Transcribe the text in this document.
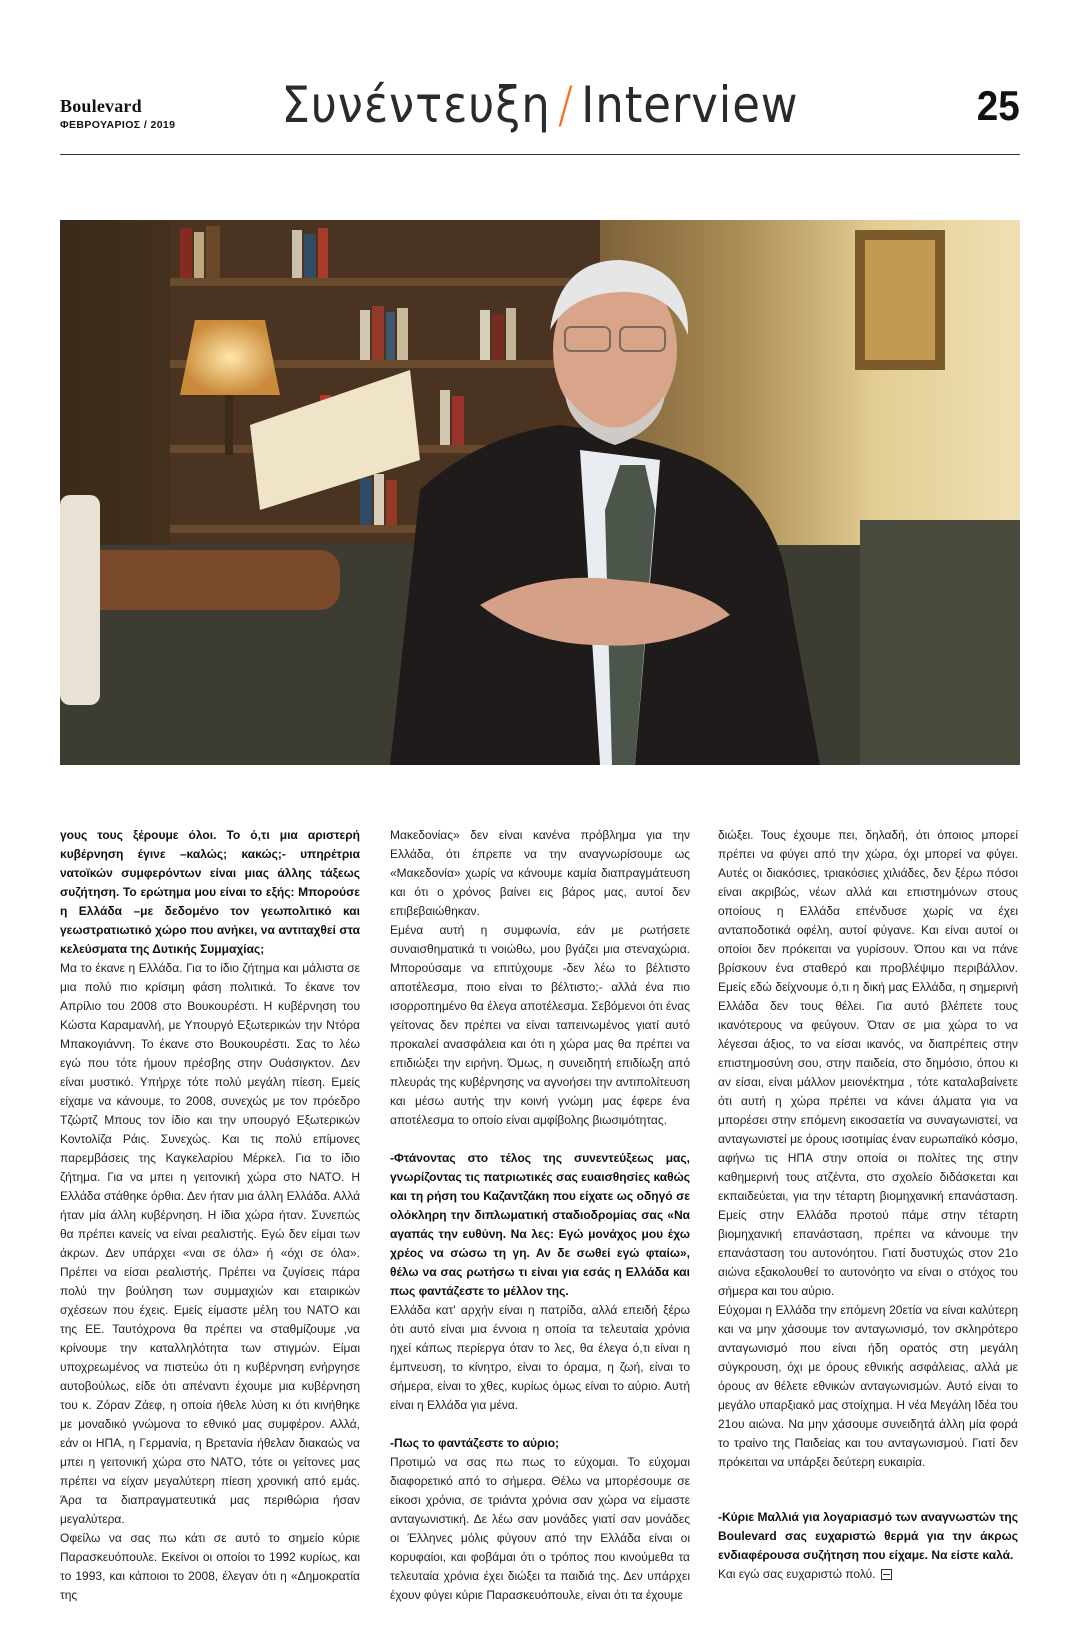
Boulevard
ΦΕΒΡΟΥΑΡΙΟΣ / 2019	Συνέντευξη / Interview	25

γους τους ξέρουμε όλοι. Το ό,τι μια αριστερή κυβέρνηση έγινε –καλώς; κακώς;- υπηρέτρια νατοϊκών συμφερόντων είναι μιας άλλης τάξεως συζήτηση. Το ερώτημα μου είναι το εξής: Μπορούσε η Ελλάδα –με δεδομένο τον γεωπολιτικό και γεωστρατιωτικό χώρο που ανήκει, να αντιταχθεί στα κελεύσματα της Δυτικής Συμμαχίας;

Μα το έκανε η Ελλάδα. Για το ίδιο ζήτημα και μάλιστα σε μια πολύ πιο κρίσιμη φάση πολιτικά. Το έκανε τον Απρίλιο του 2008 στο Βουκουρέστι. Η κυβέρνηση του Κώστα Καραμανλή, με Υπουργό Εξωτερικών την Ντόρα Μπακογιάννη. Το έκανε στο Βουκουρέστι. Σας το λέω εγώ που τότε ήμουν πρέσβης στην Ουάσιγκτον. Δεν είναι μυστικό. Υπήρχε τότε πολύ μεγάλη πίεση. Εμείς είχαμε να κάνουμε, το 2008, συνεχώς με τον πρόεδρο Τζώρτζ Μπους τον ίδιο και την υπουργό Εξωτερικών Κοντολίζα Ράις. Συνεχώς. Και τις πολύ επίμονες παρεμβάσεις της Καγκελαρίου Μέρκελ. Για το ίδιο ζήτημα. Για να μπει η γειτονική χώρα στο ΝΑΤΟ. Η Ελλάδα στάθηκε όρθια. Δεν ήταν μια άλλη Ελλάδα. Αλλά ήταν μία άλλη κυβέρνηση. Η ίδια χώρα ήταν. Συνεπώς θα πρέπει κανείς να είναι ρεαλιστής. Εγώ δεν είμαι των άκρων. Δεν υπάρχει «ναι σε όλα» ή «όχι σε όλα». Πρέπει να είσαι ρεαλιστής. Πρέπει να ζυγίσεις πάρα πολύ την βούληση των συμμαχιών και εταιρικών σχέσεων που έχεις. Εμείς είμαστε μέλη του ΝΑΤΟ και της ΕΕ. Ταυτόχρονα θα πρέπει να σταθμίζουμε ,να κρίνουμε την καταλληλότητα των στιγμών. Είμαι υποχρεωμένος να πιστεύω ότι η κυβέρνηση ενήργησε αυτοβούλως, είδε ότι απέναντι έχουμε μια κυβέρνηση του κ. Ζόραν Ζάεφ, η οποία ήθελε λύση κι ότι κινήθηκε με μοναδικό γνώμονα το εθνικό μας συμφέρον. Αλλά, εάν οι ΗΠΑ, η Γερμανία, η Βρετανία ήθελαν διακαώς να μπει η γειτονική χώρα στο ΝΑΤΟ, τότε οι γείτονες μας πρέπει να είχαν μεγαλύτερη πίεση χρονική από εμάς. Άρα τα διαπραγματευτικά μας περιθώρια ήσαν μεγαλύτερα.

Οφείλω να σας πω κάτι σε αυτό το σημείο κύριε Παρασκευόπουλε. Εκείνοι οι οποίοι το 1992 κυρίως, και το 1993, και κάποιοι το 2008, έλεγαν ότι η «Δημοκρατία της

Μακεδονίας» δεν είναι κανένα πρόβλημα για την Ελλάδα, ότι έπρεπε να την αναγνωρίσουμε ως «Μακεδονία» χωρίς να κάνουμε καμία διαπραγμάτευση και ότι ο χρόνος βαίνει εις βάρος μας, αυτοί δεν επιβεβαιώθηκαν.

Εμένα αυτή η συμφωνία, εάν με ρωτήσετε συναισθηματικά τι νοιώθω, μου βγάζει μια στεναχώρια. Μπορούσαμε να επιτύχουμε -δεν λέω το βέλτιστο αποτέλεσμα, ποιο είναι το βέλτιστο;- αλλά ένα πιο ισορροπημένο θα έλεγα αποτέλεσμα. Σεβόμενοι ότι ένας γείτονας δεν πρέπει να είναι ταπεινωμένος γιατί αυτό προκαλεί ανασφάλεια και ότι η χώρα μας θα πρέπει να επιδιώξει την ειρήνη. Όμως, η συνειδητή επιδίωξη από πλευράς της κυβέρνησης να αγνοήσει την αντιπολίτευση και μέσω αυτής την κοινή γνώμη μας έφερε ένα αποτέλεσμα το οποίο είναι αμφίβολης βιωσιμότητας.

-Φτάνοντας στο τέλος της συνεντεύξεως μας, γνωρίζοντας τις πατριωτικές σας ευαισθησίες καθώς και τη ρήση του Καζαντζάκη που είχατε ως οδηγό σε ολόκληρη την διπλωματική σταδιοδρομίας σας «Να αγαπάς την ευθύνη. Να λες: Εγώ μονάχος μου έχω χρέος να σώσω τη γη. Αν δε σωθεί εγώ φταίω», θέλω να σας ρωτήσω τι είναι για εσάς η Ελλάδα και πως φαντάζεστε το μέλλον της.

Ελλάδα κατ' αρχήν είναι η πατρίδα, αλλά επειδή ξέρω ότι αυτό είναι μια έννοια η οποία τα τελευταία χρόνια ηχεί κάπως περίεργα όταν το λες, θα έλεγα ό,τι είναι η έμπνευση, το κίνητρο, είναι το όραμα, η ζωή, είναι το σήμερα, είναι το χθες, κυρίως όμως είναι το αύριο. Αυτή είναι η Ελλάδα για μένα.

-Πως το φαντάζεστε το αύριο;

Προτιμώ να σας πω πως το εύχομαι. Το εύχομαι διαφορετικό από το σήμερα. Θέλω να μπορέσουμε σε είκοσι χρόνια, σε τριάντα χρόνια σαν χώρα να είμαστε ανταγωνιστική. Δε λέω σαν μονάδες γιατί σαν μονάδες οι Έλληνες μόλις φύγουν από την Ελλάδα είναι οι κορυφαίοι, και φοβάμαι ότι ο τρόπος που κινούμεθα τα τελευταία χρόνια έχει διώξει τα παιδιά της. Δεν υπάρχει έχουν φύγει κύριε Παρασκευόπουλε, είναι ότι τα έχουμε

διώξει. Τους έχουμε πει, δηλαδή, ότι όποιος μπορεί πρέπει να φύγει από την χώρα, όχι μπορεί να φύγει. Αυτές οι διακόσιες, τριακόσιες χιλιάδες, δεν ξέρω πόσοι είναι ακριβώς, νέων αλλά και επιστημόνων στους οποίους η Ελλάδα επένδυσε χωρίς να έχει ανταποδοτικά οφέλη, αυτοί φύγανε. Και είναι αυτοί οι οποίοι δεν πρόκειται να γυρίσουν. Όπου και να πάνε βρίσκουν ένα σταθερό και προβλέψιμο περιβάλλον. Εμείς εδώ δείχνουμε ό,τι η δική μας Ελλάδα, η σημερινή Ελλάδα δεν τους θέλει. Για αυτό βλέπετε τους ικανότερους να φεύγουν. Όταν σε μια χώρα το να λέγεσαι άξιος, το να είσαι ικανός, να διαπρέπεις στην επιστημοσύνη σου, στην παιδεία, στο δημόσιο, όπου κι αν είσαι, είναι μάλλον μειονέκτημα , τότε καταλαβαίνετε ότι αυτή η χώρα πρέπει να κάνει άλματα για να μπορέσει στην επόμενη εικοσαετία να συναγωνιστεί, να ανταγωνιστεί με όρους ισοτιμίας έναν ευρωπαϊκό κόσμο, αφήνω τις ΗΠΑ στην οποία οι πολίτες της στην καθημερινή τους ατζέντα, στο σχολείο διδάσκεται και εκπαιδεύεται, για την τέταρτη βιομηχανική επανάσταση. Εμείς στην Ελλάδα προτού πάμε στην τέταρτη βιομηχανική επανάσταση, πρέπει να κάνουμε την επανάσταση του αυτονόητου. Γιατί δυστυχώς στον 21ο αιώνα εξακολουθεί το αυτονόητο να είναι ο στόχος του σήμερα και του αύριο.

Εύχομαι η Ελλάδα την επόμενη 20ετία να είναι καλύτερη και να μην χάσουμε τον ανταγωνισμό, τον σκληρότερο ανταγωνισμό που είναι ήδη ορατός στη μεγάλη σύγκρουση, όχι με όρους εθνικής ασφάλειας, αλλά με όρους αν θέλετε εθνικών ανταγωνισμών. Αυτό είναι το μεγάλο υπαρξιακό μας στοίχημα. Η νέα Μεγάλη Ιδέα του 21ου αιώνα. Να μην χάσουμε συνειδητά άλλη μία φορά το τραίνο της Παιδείας και του ανταγωνισμού. Γιατί δεν πρόκειται να υπάρξει δεύτερη ευκαιρία.

-Κύριε Μαλλιά για λογαριασμό των αναγνωστών της Boulevard σας ευχαριστώ θερμά για την άκρως ενδιαφέρουσα συζήτηση που είχαμε. Να είστε καλά.

Και εγώ σας ευχαριστώ πολύ.
